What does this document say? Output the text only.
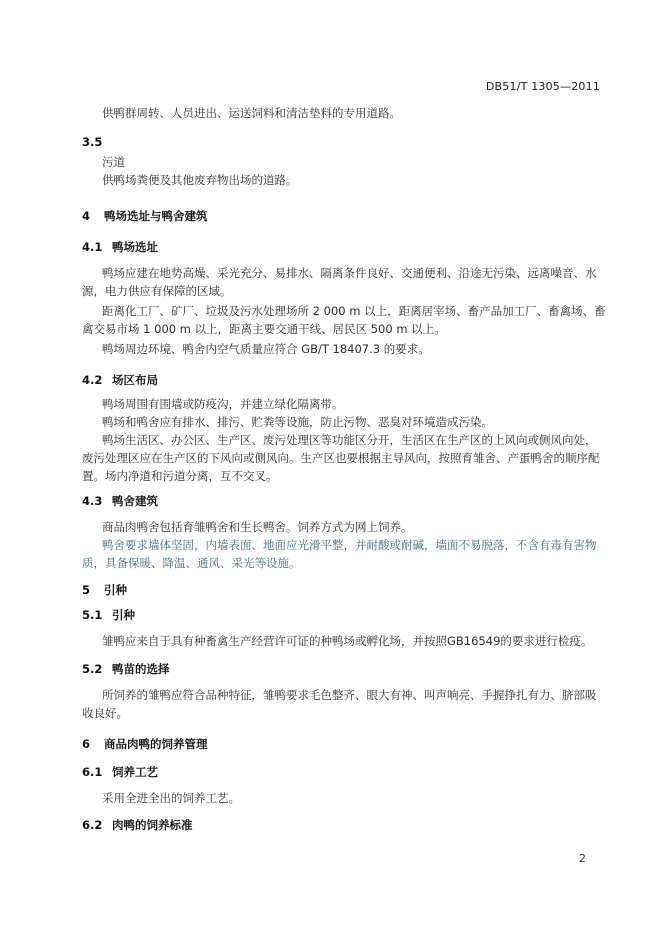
DB51/T 1305—2011
供鸭群周转、人员进出、运送饲料和清洁垫料的专用道路。
3.5
污道
供鸭场粪便及其他废弃物出场的道路。
4 鸭场选址与鸭舍建筑
4.1 鸭场选址
鸭场应建在地势高燥、采光充分、易排水、隔离条件良好、交通便利、沿途无污染、远离噪音、水
源，电力供应有保障的区域。
距离化工厂、矿厂、垃圾及污水处理场所 2 000 m 以上，距离居宰场、畜产品加工厂、畜禽场、畜
禽交易市场 1 000 m 以上，距离主要交通干线、居民区 500 m 以上。
鸭场周边环境、鸭舍内空气质量应符合 GB/T 18407.3 的要求。
4.2 场区布局
鸭场周围有围墙或防疫沟，并建立绿化隔离带。
鸭场和鸭舍应有排水、排污、贮粪等设施，防止污物、恶臭对环境造成污染。
鸭场生活区、办公区、生产区、废污处理区等功能区分开，生活区在生产区的上风向或侧风向处，
废污处理区应在生产区的下风向或侧风向。生产区也要根据主导风向，按照育雏舍、产蛋鸭舍的顺序配
置。场内净道和污道分离，互不交叉。
4.3 鸭舍建筑
商品肉鸭舍包括育雏鸭舍和生长鸭舍。饲养方式为网上饲养。
鸭舍要求墙体坚固，内墙表面、地面应光滑平整，并耐酸或耐碱，墙面不易脱落，不含有毒有害物
质，具备保暖、降温、通风、采光等设施。
5 引种
5.1 引种
雏鸭应来自于具有种畜禽生产经营许可证的种鸭场或孵化场，并按照GB16549的要求进行检疫。
5.2 鸭苗的选择
所饲养的雏鸭应符合品种特征，雏鸭要求毛色整齐、眼大有神、叫声响亮、手握挣扎有力、脐部吸
收良好。
6 商品肉鸭的饲养管理
6.1 饲养工艺
采用全进全出的饲养工艺。
6.2 肉鸭的饲养标准
2
